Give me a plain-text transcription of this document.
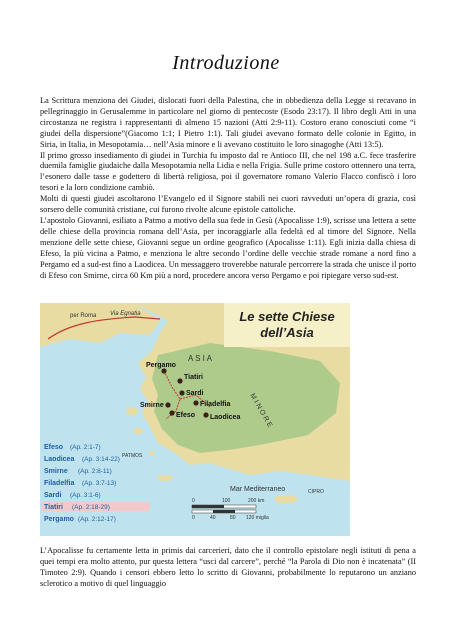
Introduzione

La Scrittura menziona dei Giudei, dislocati fuori della Palestina, che in obbedienza della Legge si recavano in pellegrinaggio in Gerusalemme in particolare nel giorno di pentecoste (Esodo 23:17). Il libro degli Atti in una circostanza ne registra i rappresentanti di almeno 15 nazioni (Atti 2:9-11). Costoro erano conosciuti come “i giudei della dispersione”(Giacomo 1:1; I Pietro 1:1). Tali giudei avevano formato delle colonie in Egitto, in Siria, in Italia, in Mesopotamia… nell’Asia minore e li avevano costituito le loro sinagoghe (Atti 13:5).

Il primo grosso insediamento di giudei in Turchia fu imposto dal re Antioco III, che nel 198 a.C. fece trasferire duemila famiglie giudaiche dalla Mesopotamia nella Lidia e nella Frigia. Sulle prime costoro ottennero una terra, l’esonero dalle tasse e godettero di libertà religiosa, poi il governatore romano Valerio Flacco confiscò i loro tesori e la loro condizione cambiò.

Molti di questi giudei ascoltarono l’Evangelo ed il Signore stabilì nei cuori ravveduti un’opera di grazia, così sorsero delle comunità cristiane, cui furono rivolte alcune epistole cattoliche.

L’apostolo Giovanni, esiliato a Patmo a motivo della sua fede in Gesù (Apocalisse 1:9), scrisse una lettera a sette delle chiese della provincia romana dell’Asia, per incoraggiarle alla fedeltà ed al timore del Signore. Nella menzione delle sette chiese, Giovanni segue un ordine geografico (Apocalisse 1:11). Egli inizia dalla chiesa di Efeso, la più vicina a Patmo, e menziona le altre secondo l’ordine delle vecchie strade romane a nord fino a Pergamo ed a sud-est fino a Laodicea. Un messaggero troverebbe naturale percorrere la strada che unisce il porto di Efeso con Smirne, circa 60 Km più a nord, procedere ancora verso Pergamo e poi ripiegare verso sud-est.

Le sette Chiese
dell’Asia
per Roma Via Egnatia
A S I A
M I N O R E
Mar Mediterraneo
PATMOS
CIPRO
Pergamo
Tiatiri
Sardi
Filadelfia
Smirne
Efeso Laodicea
Efeso (Ap. 2:1-7)
Laodicea (Ap. 3:14-22)
Smirne (Ap. 2:8-11)
Filadelfia (Ap. 3:7-13)
Sardi (Ap. 3:1-6)
Tiatiri (Ap. 2:18-29)
Pergamo (Ap. 2:12-17)
0	100	200 km
0	40	80 120 miglia

L’Apocalisse fu certamente letta in primis dai carcerieri, dato che il controllo epistolare negli istituti di pena a quei tempi era molto attento, pur questa lettera “usci dal carcere”, perché “la Parola di Dio non è incatenata” (II Timoteo 2:9). Quando i censori ebbero letto lo scritto di Giovanni, probabilmente lo reputarono un anziano sclerotico a motivo di quel linguaggio
